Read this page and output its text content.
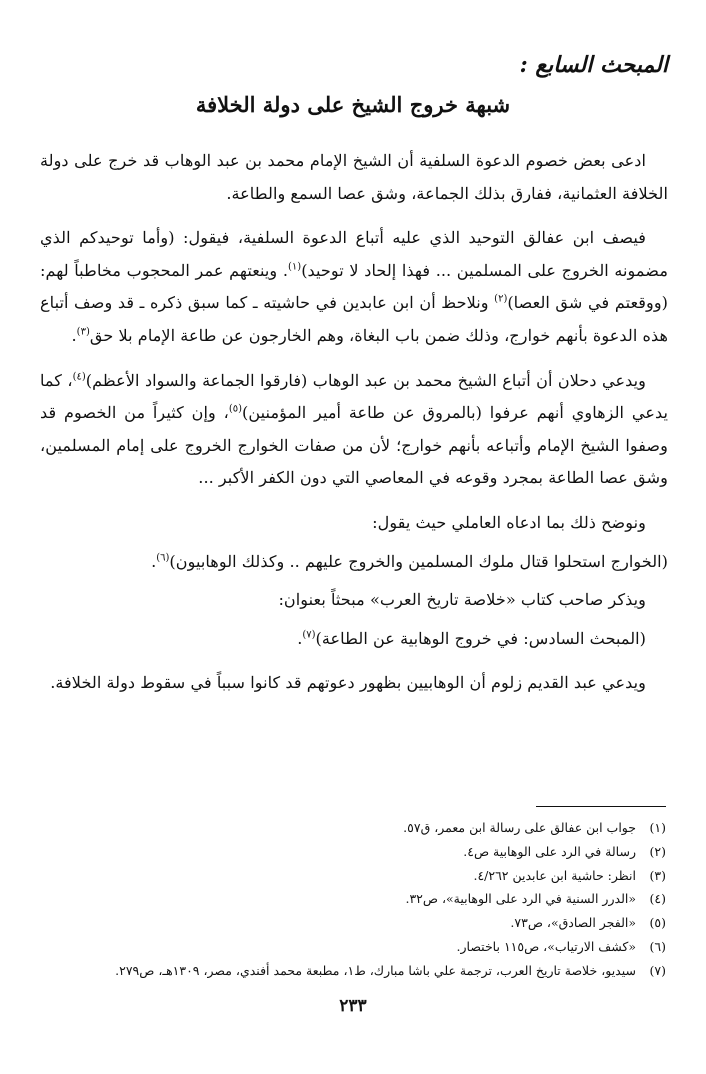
المبحث السابع :
شبهة خروج الشيخ على دولة الخلافة

ادعى بعض خصوم الدعوة السلفية أن الشيخ الإمام محمد بن عبد الوهاب قد خرج على دولة الخلافة العثمانية، ففارق بذلك الجماعة، وشق عصا السمع والطاعة.

فيصف ابن عفالق التوحيد الذي عليه أتباع الدعوة السلفية، فيقول: (وأما توحيدكم الذي مضمونه الخروج على المسلمين ... فهذا إلحاد لا توحيد)$^{(١)}$. وينعتهم عمر المحجوب مخاطباً لهم: (ووقعتم في شق العصا)$^{(٢)}$ ونلاحظ أن ابن عابدين في حاشيته ـ كما سبق ذكره ـ قد وصف أتباع هذه الدعوة بأنهم خوارج، وذلك ضمن باب البغاة، وهم الخارجون عن طاعة الإمام بلا حق$^{(٣)}$.

ويدعي دحلان أن أتباع الشيخ محمد بن عبد الوهاب (فارقوا الجماعة والسواد الأعظم)$^{(٤)}$، كما يدعي الزهاوي أنهم عرفوا (بالمروق عن طاعة أمير المؤمنين)$^{(٥)}$، وإن كثيراً من الخصوم قد وصفوا الشيخ الإمام وأتباعه بأنهم خوارج؛ لأن من صفات الخوارج الخروج على إمام المسلمين، وشق عصا الطاعة بمجرد وقوعه في المعاصي التي دون الكفر الأكبر ...

ونوضح ذلك بما ادعاه العاملي حيث يقول:

(الخوارج استحلوا قتال ملوك المسلمين والخروج عليهم .. وكذلك الوهابيون)$^{(٦)}$.

ويذكر صاحب كتاب «خلاصة تاريخ العرب» مبحثاً بعنوان:

(المبحث السادس: في خروج الوهابية عن الطاعة)$^{(٧)}$.

ويدعي عبد القديم زلوم أن الوهابيين بظهور دعوتهم قد كانوا سبباً في سقوط دولة الخلافة.

(١)جواب ابن عفالق على رسالة ابن معمر، ق٥٧.
(٢)رسالة في الرد على الوهابية ص٤.
(٣)انظر: حاشية ابن عابدين ٤/٢٦٢.
(٤)«الدرر السنية في الرد على الوهابية»، ص٣٢.
(٥)«الفجر الصادق»، ص٧٣.
(٦)«كشف الارتياب»، ص١١٥ باختصار.
(٧)سيديو، خلاصة تاريخ العرب، ترجمة علي باشا مبارك، ط١، مطبعة محمد أفندي، مصر، ١٣٠٩هـ، ص٢٧٩.
٢٣٣
